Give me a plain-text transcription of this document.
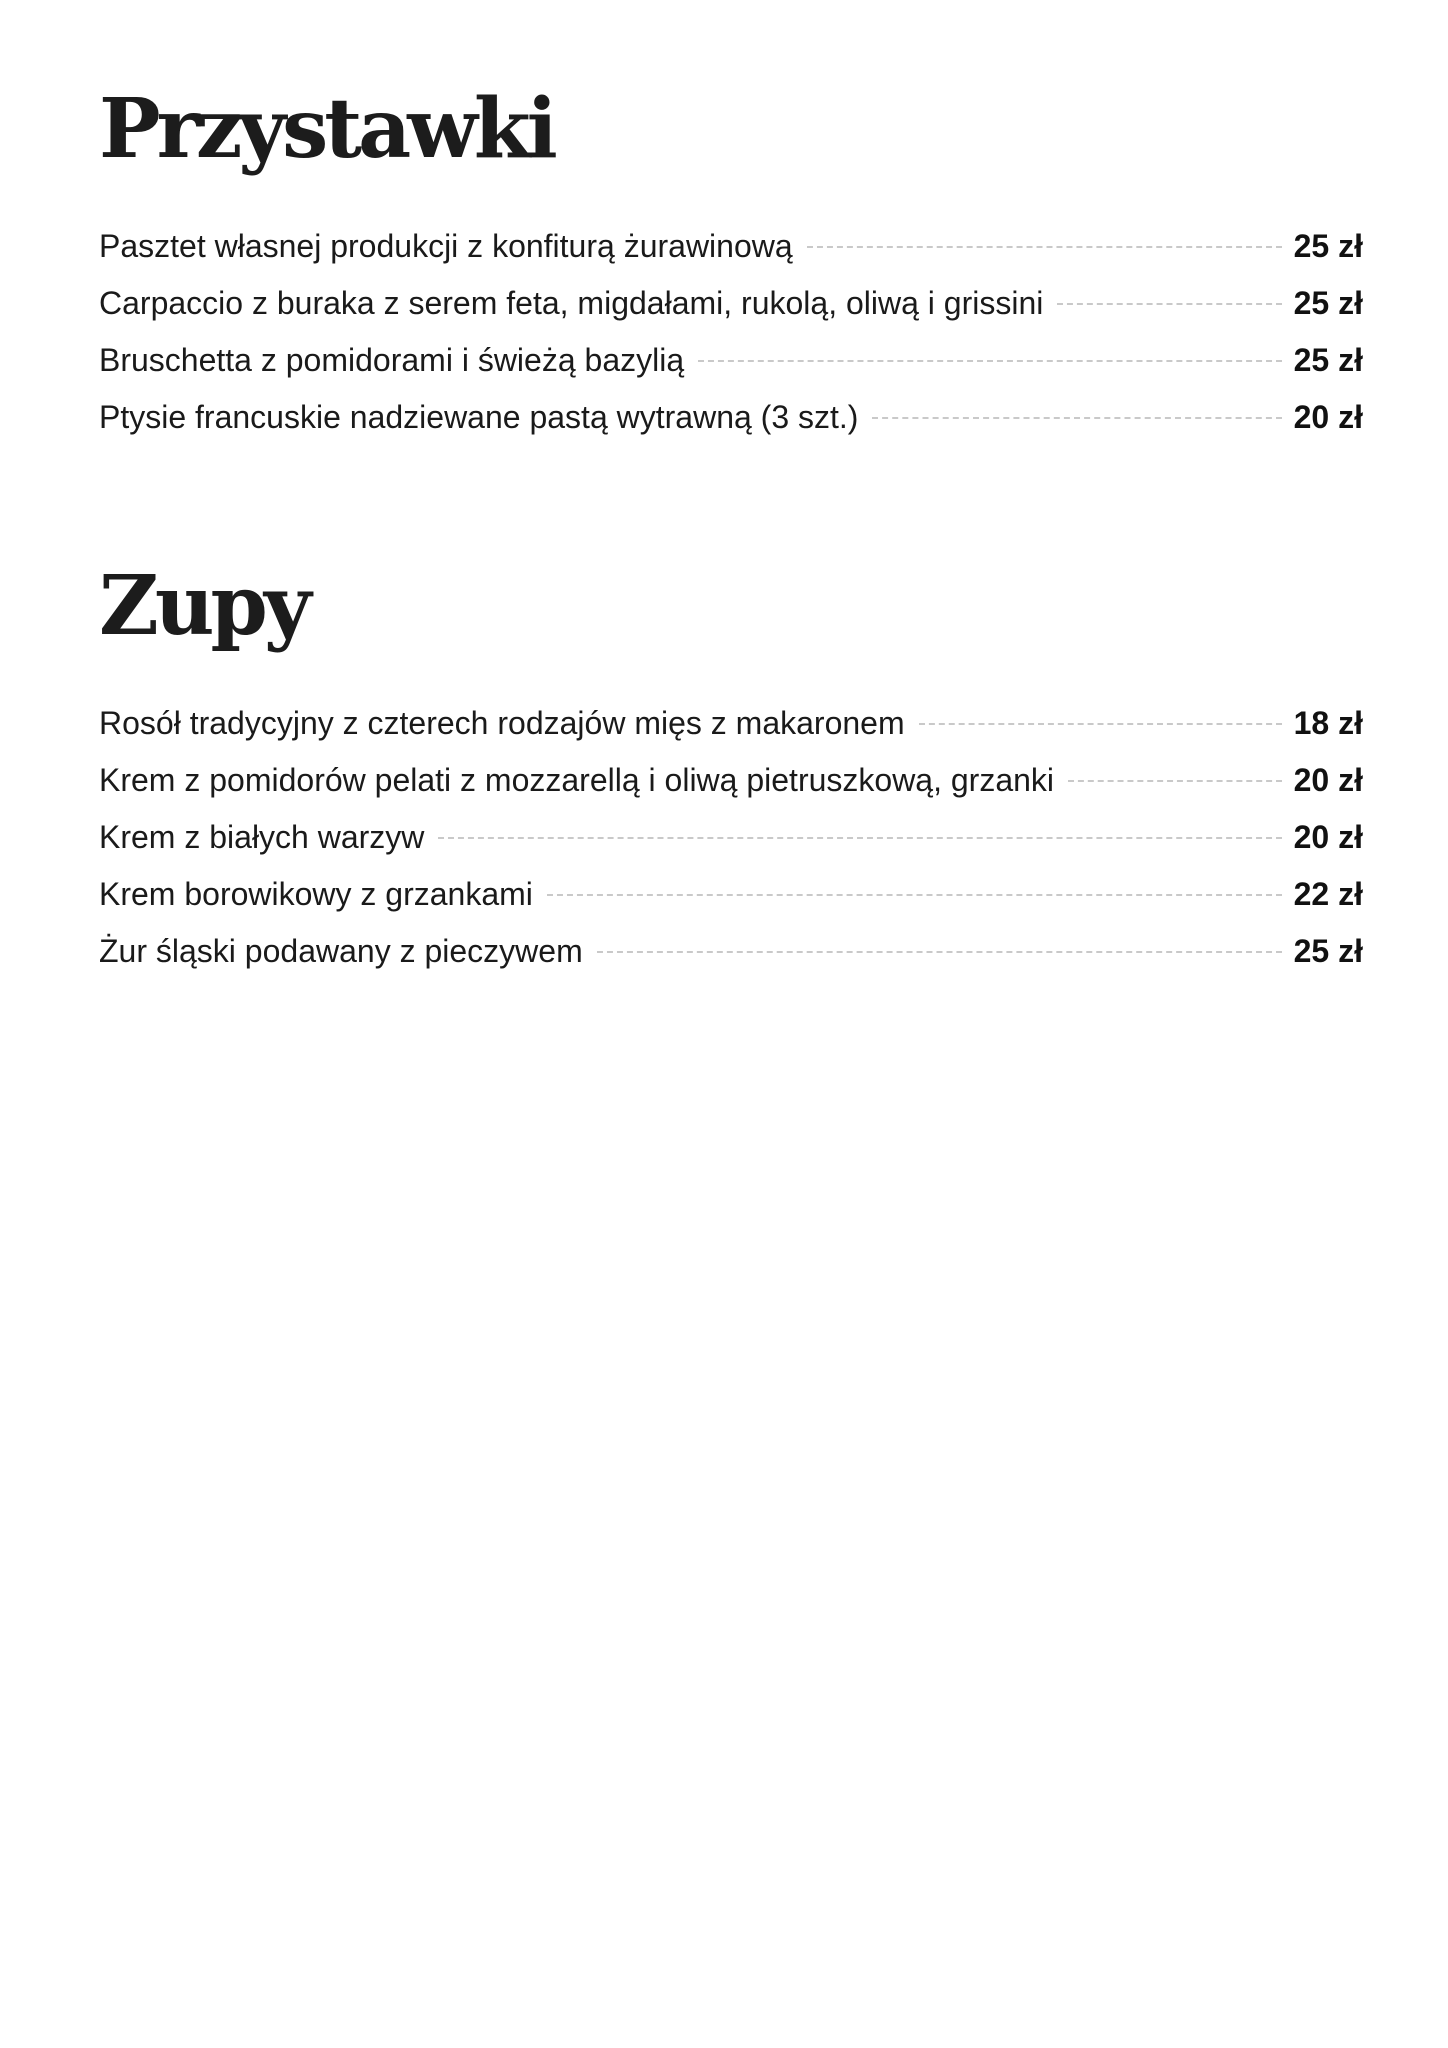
Przystawki
Pasztet własnej produkcji z konfiturą żurawinową	25 zł
Carpaccio z buraka z serem feta, migdałami, rukolą, oliwą i grissini	25 zł
Bruschetta z pomidorami i świeżą bazylią	25 zł
Ptysie francuskie nadziewane pastą wytrawną (3 szt.)	20 zł
Zupy
Rosół tradycyjny z czterech rodzajów mięs z makaronem	18 zł
Krem z pomidorów pelati z mozzarellą i oliwą pietruszkową, grzanki	20 zł
Krem z białych warzyw	20 zł
Krem borowikowy z grzankami	22 zł
Żur śląski podawany z pieczywem	25 zł
